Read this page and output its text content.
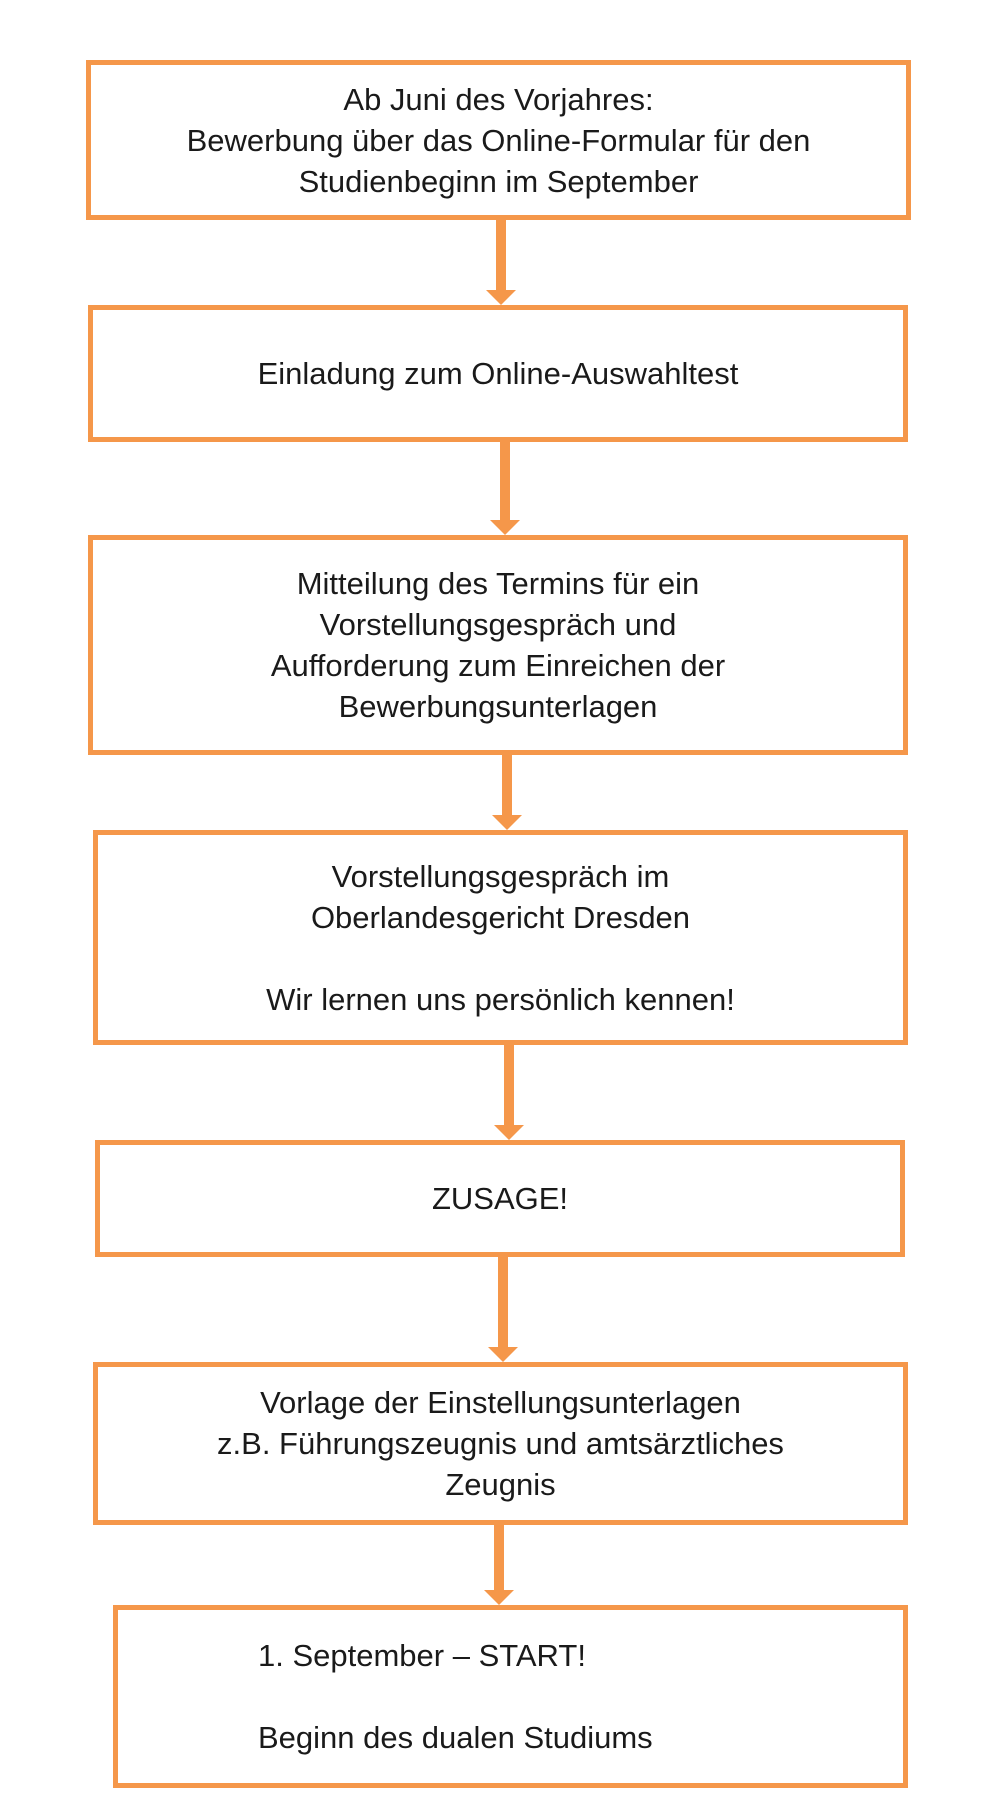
Ab Juni des Vorjahres:
Bewerbung über das Online-Formular für den
Studienbeginn im September
Einladung zum Online-Auswahltest
Mitteilung des Termins für ein
Vorstellungsgespräch und
Aufforderung zum Einreichen der
Bewerbungsunterlagen
Vorstellungsgespräch im
Oberlandesgericht Dresden
Wir lernen uns persönlich kennen!
ZUSAGE!
Vorlage der Einstellungsunterlagen
z.B. Führungszeugnis und amtsärztliches
Zeugnis
1. September – START!
Beginn des dualen Studiums
